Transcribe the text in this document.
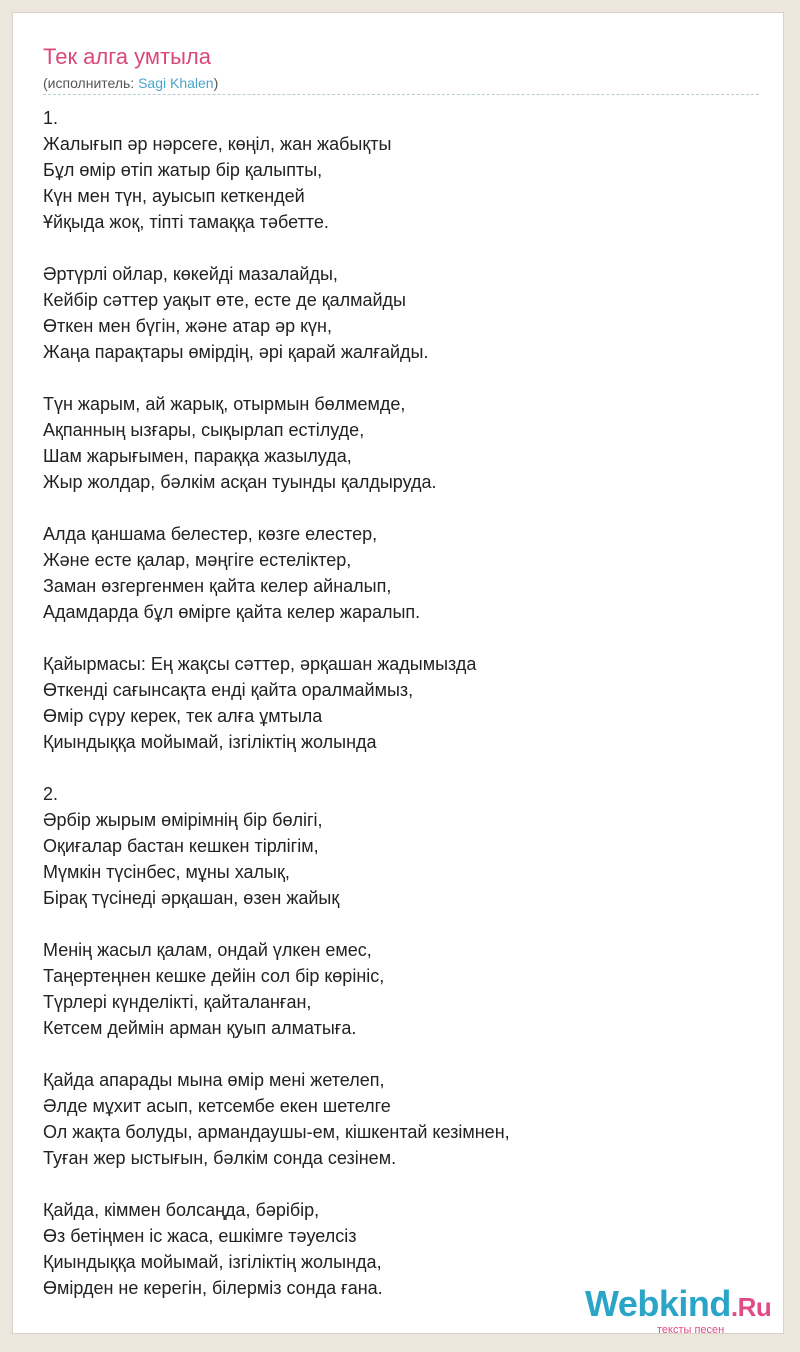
Тек алга умтыла
(исполнитель: Sagi Khalen)
1.
Жалығып әр нәрсеге, көңіл, жан жабықты
Бұл өмір өтіп жатыр бір қалыпты,
Күн мен түн, ауысып кеткендей
Ұйқыда жоқ, тіпті тамаққа тәбетте.
Әртүрлі ойлар, көкейді мазалайды,
Кейбір сәттер уақыт өте, есте де қалмайды
Өткен мен бүгін, және атар әр күн,
Жаңа парақтары өмірдің, әрі қарай жалғайды.
Түн жарым, ай жарық, отырмын бөлмемде,
Ақпанның ызғары, сықырлап естілуде,
Шам жарығымен, параққа жазылуда,
Жыр жолдар, бәлкім асқан туынды қалдыруда.
Алда қаншама белестер, көзге елестер,
Және есте қалар, мәңгіге естеліктер,
Заман өзгергенмен қайта келер айналып,
Адамдарда бұл өмірге қайта келер жаралып.
Қайырмасы: Ең жақсы сәттер, әрқашан жадымызда
Өткенді сағынсақта енді қайта оралмаймыз,
Өмір сүру керек, тек алға ұмтыла
Қиындыққа мойымай, ізгіліктің жолында
2.
Әрбір жырым өмірімнің бір бөлігі,
Оқиғалар бастан кешкен тірлігім,
Мүмкін түсінбес, мұны халық,
Бірақ түсінеді әрқашан, өзен жайық
Менің жасыл қалам, ондай үлкен емес,
Таңертеңнен кешке дейін сол бір көрініс,
Түрлері күнделікті, қайталанған,
Кетсем деймін арман қуып алматыға.
Қайда апарады мына өмір мені жетелеп,
Әлде мұхит асып, кетсембе екен шетелге
Ол жақта болуды, армандаушы-ем, кішкентай кезімнен,
Туған жер ыстығын, бәлкім сонда сезінем.
Қайда, кіммен болсаңда, бәрібір,
Өз бетіңмен іс жаса, ешкімге тәуелсіз
Қиындыққа мойымай, ізгіліктің жолында,
Өмірден не керегін, білерміз сонда ғана.	Webkind.Ru
тексты песен
